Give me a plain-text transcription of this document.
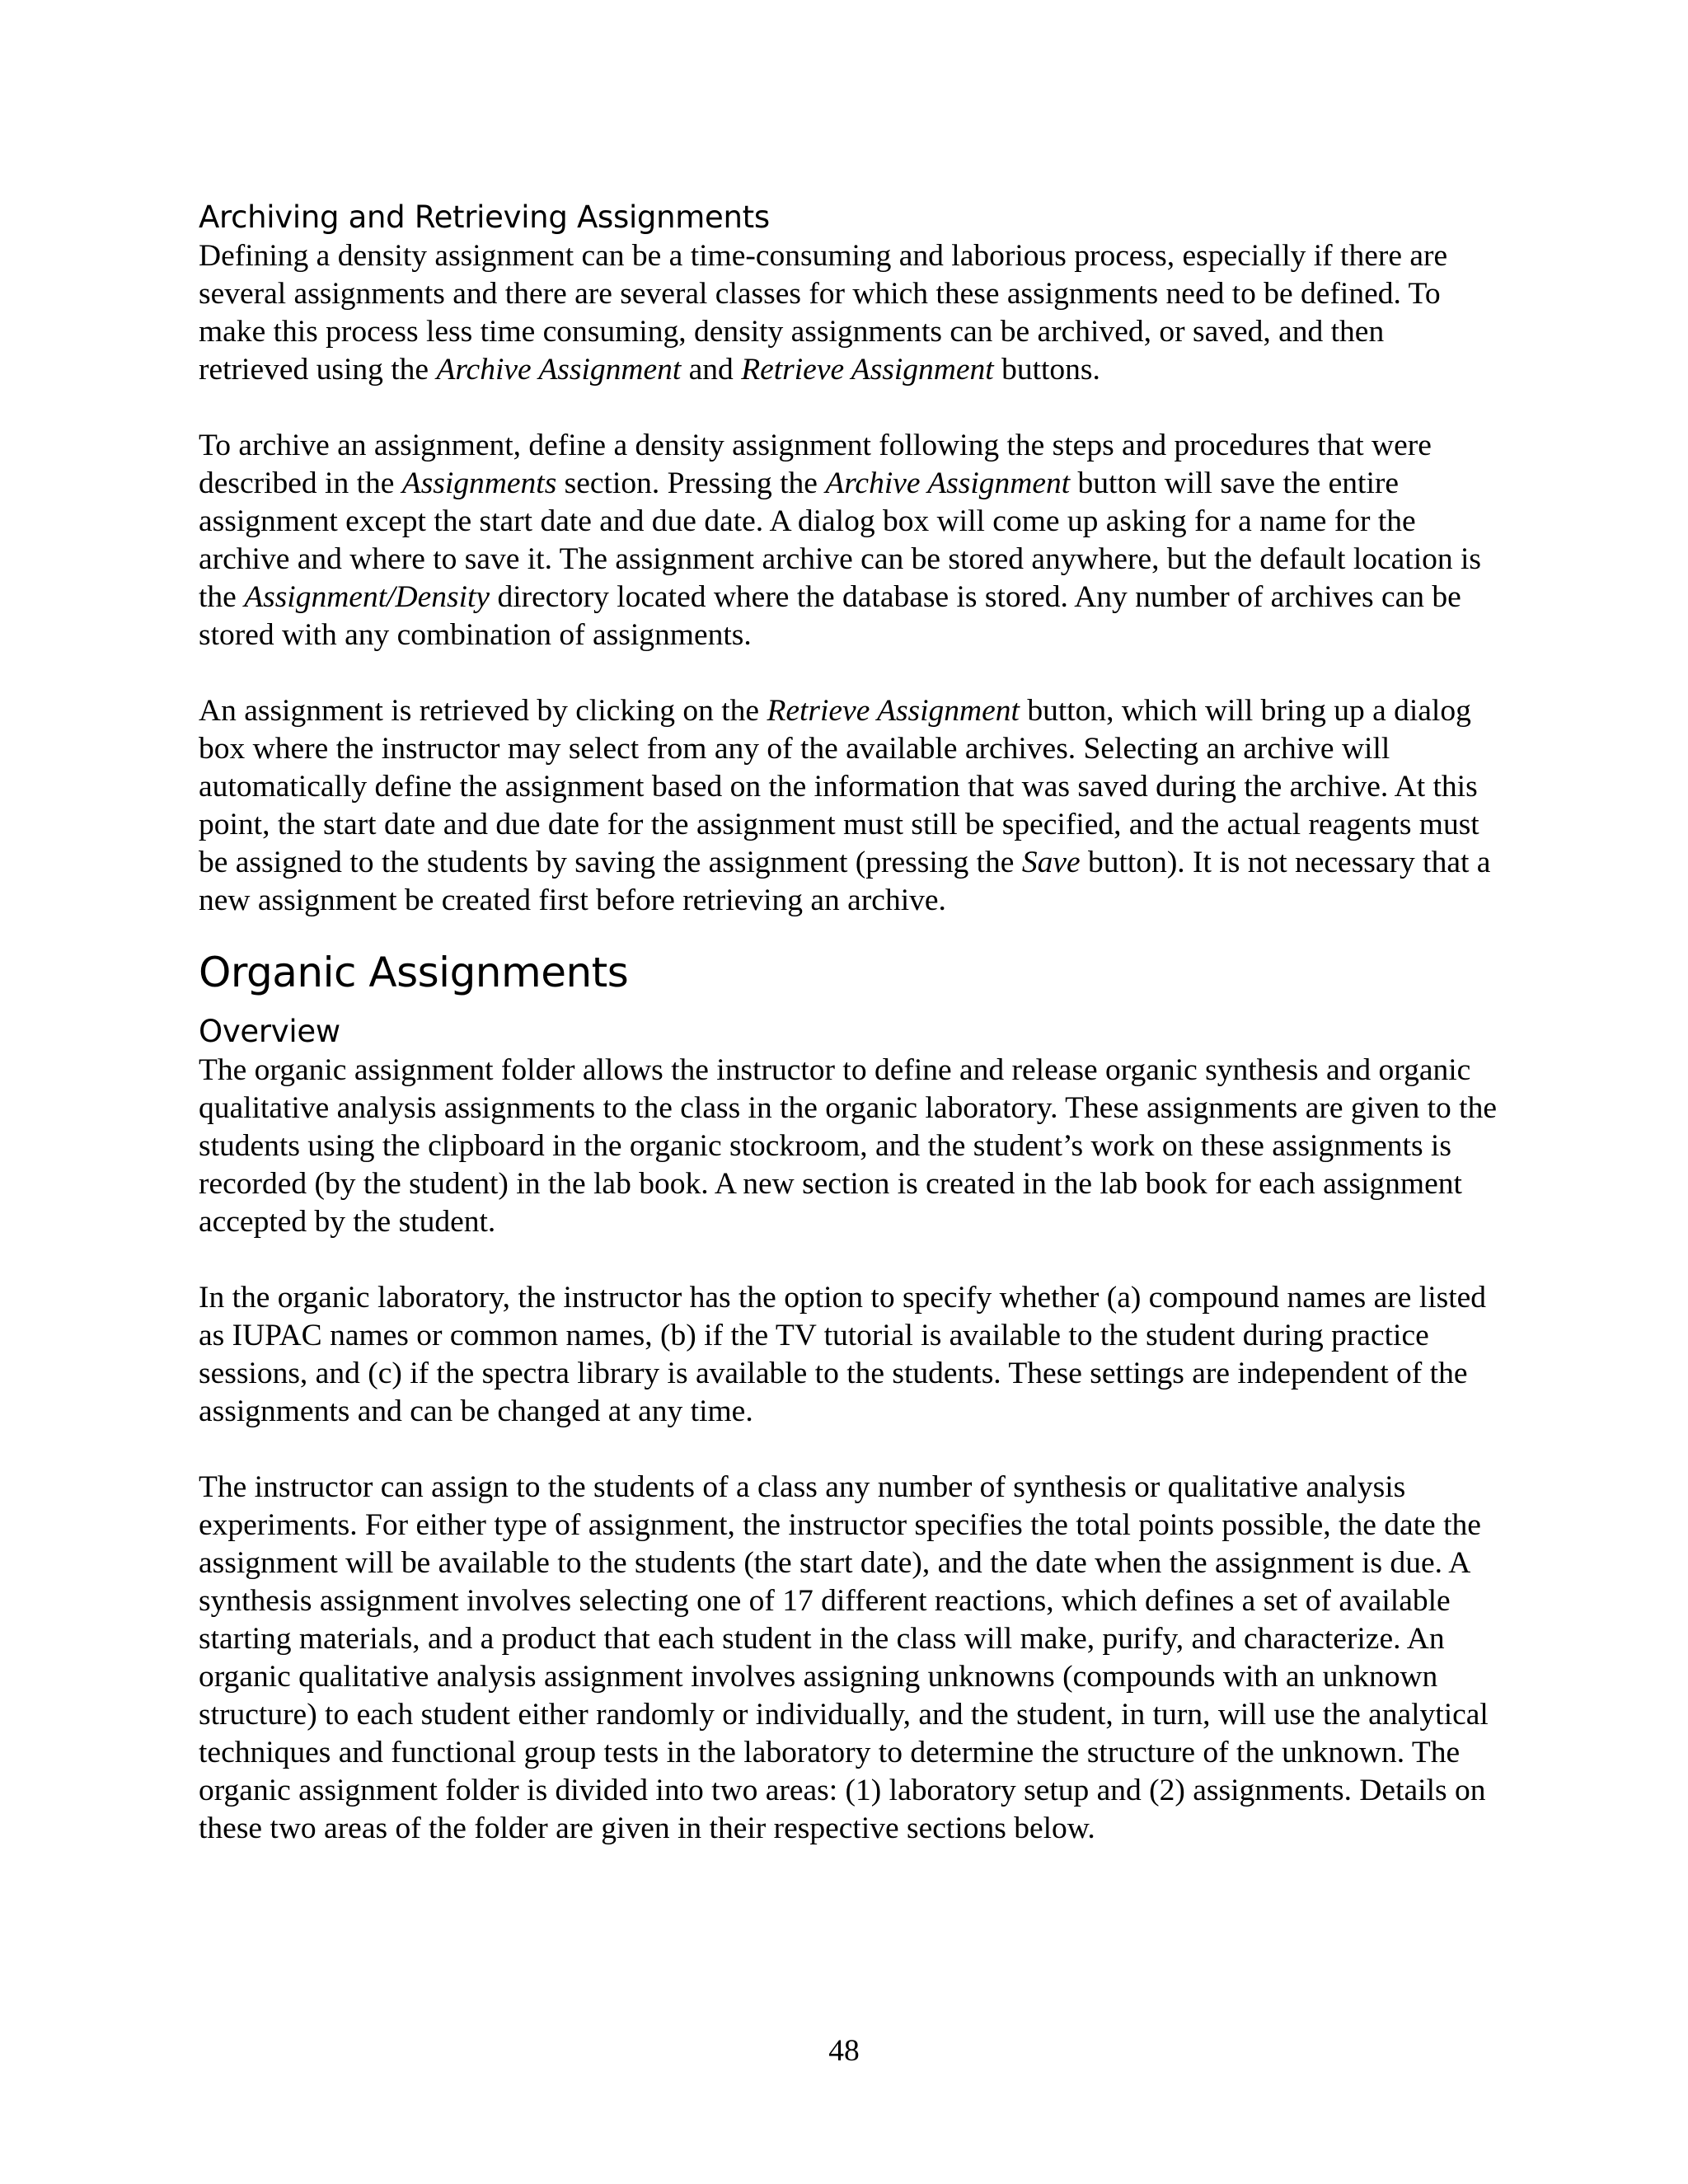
Archiving and Retrieving Assignments

Defining a density assignment can be a time-consuming and laborious process, especially if there are several assignments and there are several classes for which these assignments need to be defined. To make this process less time consuming, density assignments can be archived, or saved, and then retrieved using the Archive Assignment and Retrieve Assignment buttons.

To archive an assignment, define a density assignment following the steps and procedures that were described in the Assignments section. Pressing the Archive Assignment button will save the entire assignment except the start date and due date. A dialog box will come up asking for a name for the archive and where to save it. The assignment archive can be stored anywhere, but the default location is the Assignment/Density directory located where the database is stored. Any number of archives can be stored with any combination of assignments.

An assignment is retrieved by clicking on the Retrieve Assignment button, which will bring up a dialog box where the instructor may select from any of the available archives. Selecting an archive will automatically define the assignment based on the information that was saved during the archive. At this point, the start date and due date for the assignment must still be specified, and the actual reagents must be assigned to the students by saving the assignment (pressing the Save button). It is not necessary that a new assignment be created first before retrieving an archive.

Organic Assignments
Overview

The organic assignment folder allows the instructor to define and release organic synthesis and organic qualitative analysis assignments to the class in the organic laboratory. These assignments are given to the students using the clipboard in the organic stockroom, and the student’s work on these assignments is recorded (by the student) in the lab book. A new section is created in the lab book for each assignment accepted by the student.

In the organic laboratory, the instructor has the option to specify whether (a) compound names are listed as IUPAC names or common names, (b) if the TV tutorial is available to the student during practice sessions, and (c) if the spectra library is available to the students. These settings are independent of the assignments and can be changed at any time.

The instructor can assign to the students of a class any number of synthesis or qualitative analysis experiments. For either type of assignment, the instructor specifies the total points possible, the date the assignment will be available to the students (the start date), and the date when the assignment is due. A synthesis assignment involves selecting one of 17 different reactions, which defines a set of available starting materials, and a product that each student in the class will make, purify, and characterize. An organic qualitative analysis assignment involves assigning unknowns (compounds with an unknown structure) to each student either randomly or individually, and the student, in turn, will use the analytical techniques and functional group tests in the laboratory to determine the structure of the unknown. The organic assignment folder is divided into two areas: (1) laboratory setup and (2) assignments. Details on these two areas of the folder are given in their respective sections below.

48
